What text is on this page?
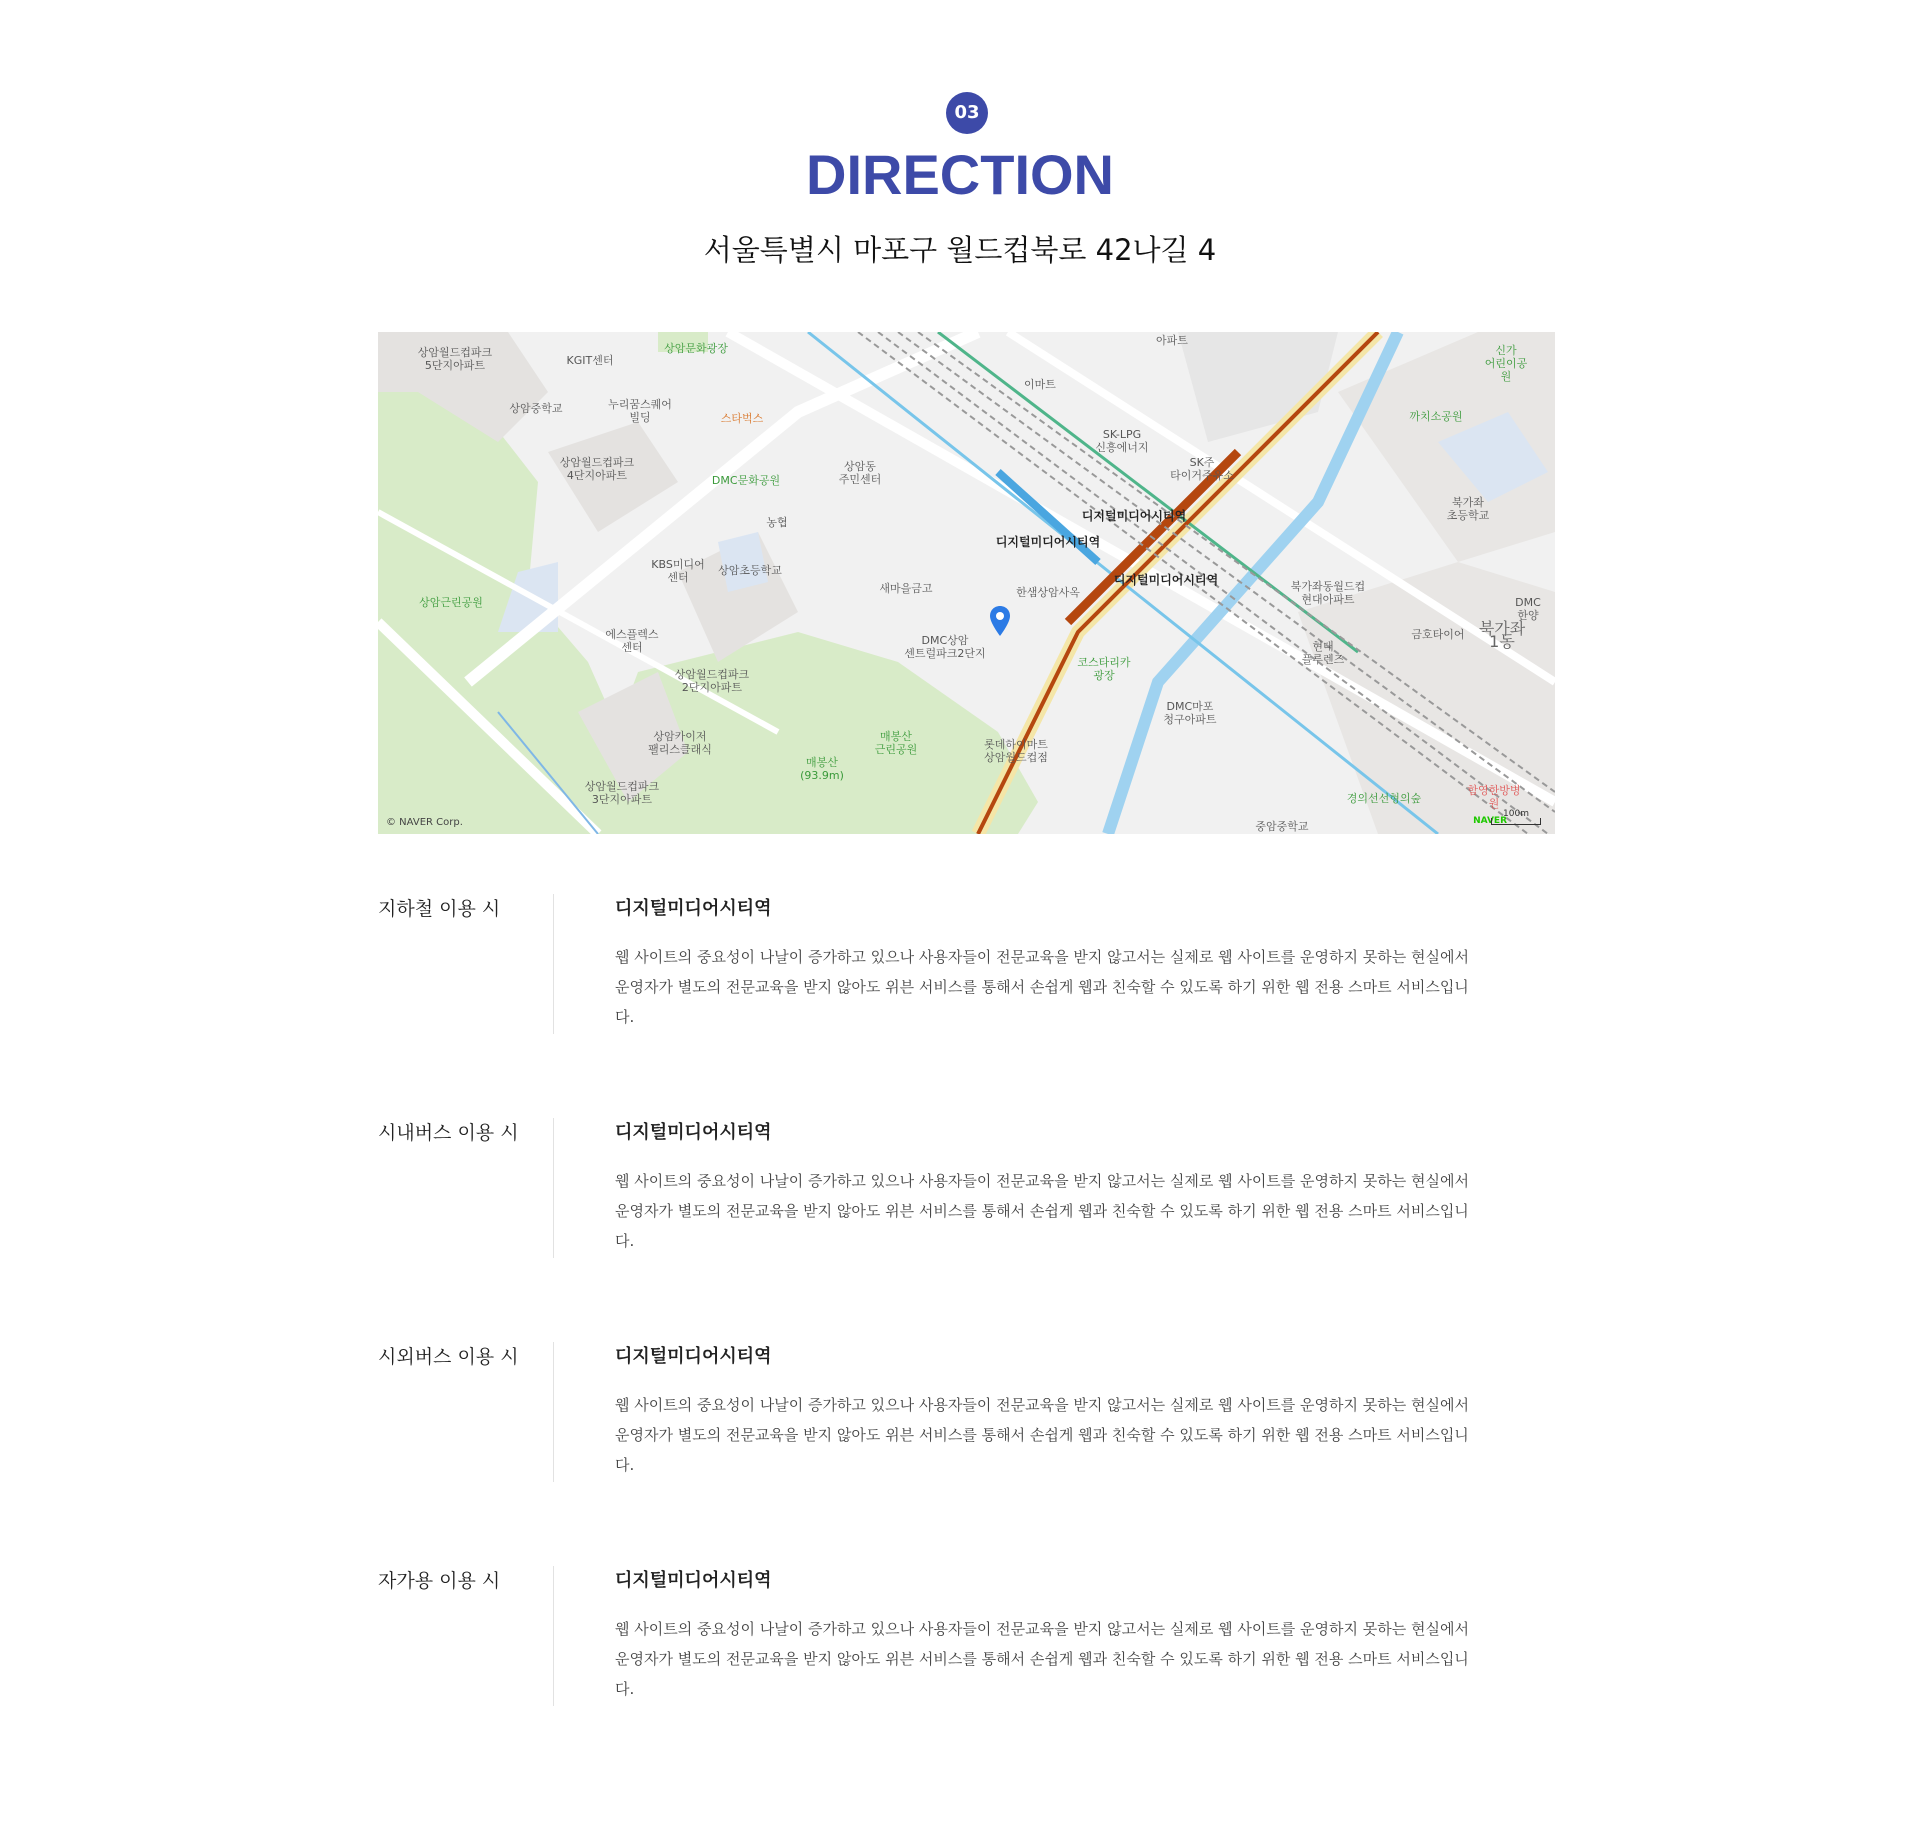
03
DIRECTION
서울특별시 마포구 월드컵북로 42나길 4
상암월드컵파크
5단지아파트	KGIT센터
상암문화광장
상암중학교	누리꿈스퀘어
빌딩	스타벅스
상암월드컵파크
4단지아파트	DMC문화공원
상암동
주민센터
농협
KBS미디어
센터
상암초등학교
새마을금고
상암근린공원
에스플렉스
센터
DMC상암
센트럴파크2단지
상암월드컵파크
2단지아파트
상암카이저
팰리스클래식
매봉산
근린공원
매봉산
(93.9m)
롯데하이마트
상암월드컵점
상암월드컵파크
3단지아파트
아파트
이마트
SK-LPG
신흥에너지
SK주
타이거주유소
디지털미디어시티역
디지털미디어시티역
디지털미디어시티역
한샘상암사옥
코스타리카
광장
DMC마포
청구아파트
북가좌동월드컵
현대아파트
현대
플루렌즈
금호타이어 북가좌1동
신가
어린이공원
까치소공원
북가좌
초등학교
DMC한양
경의선선형의숲
함영한방병원
중암중학교
© NAVER Corp.	NAVER
100m
지하철 이용 시	디지털미디어시티역
웹 사이트의 중요성이 나날이 증가하고 있으나 사용자들이 전문교육을 받지 않고서는 실제로 웹 사이트를 운영하지 못하는 현실에서 운영자가 별도의 전문교육을 받지 않아도 위븐 서비스를 통해서 손쉽게 웹과 친숙할 수 있도록 하기 위한 웹 전용 스마트 서비스입니다.
시내버스 이용 시	디지털미디어시티역
웹 사이트의 중요성이 나날이 증가하고 있으나 사용자들이 전문교육을 받지 않고서는 실제로 웹 사이트를 운영하지 못하는 현실에서 운영자가 별도의 전문교육을 받지 않아도 위븐 서비스를 통해서 손쉽게 웹과 친숙할 수 있도록 하기 위한 웹 전용 스마트 서비스입니다.
시외버스 이용 시	디지털미디어시티역
웹 사이트의 중요성이 나날이 증가하고 있으나 사용자들이 전문교육을 받지 않고서는 실제로 웹 사이트를 운영하지 못하는 현실에서 운영자가 별도의 전문교육을 받지 않아도 위븐 서비스를 통해서 손쉽게 웹과 친숙할 수 있도록 하기 위한 웹 전용 스마트 서비스입니다.
자가용 이용 시	디지털미디어시티역
웹 사이트의 중요성이 나날이 증가하고 있으나 사용자들이 전문교육을 받지 않고서는 실제로 웹 사이트를 운영하지 못하는 현실에서 운영자가 별도의 전문교육을 받지 않아도 위븐 서비스를 통해서 손쉽게 웹과 친숙할 수 있도록 하기 위한 웹 전용 스마트 서비스입니다.
